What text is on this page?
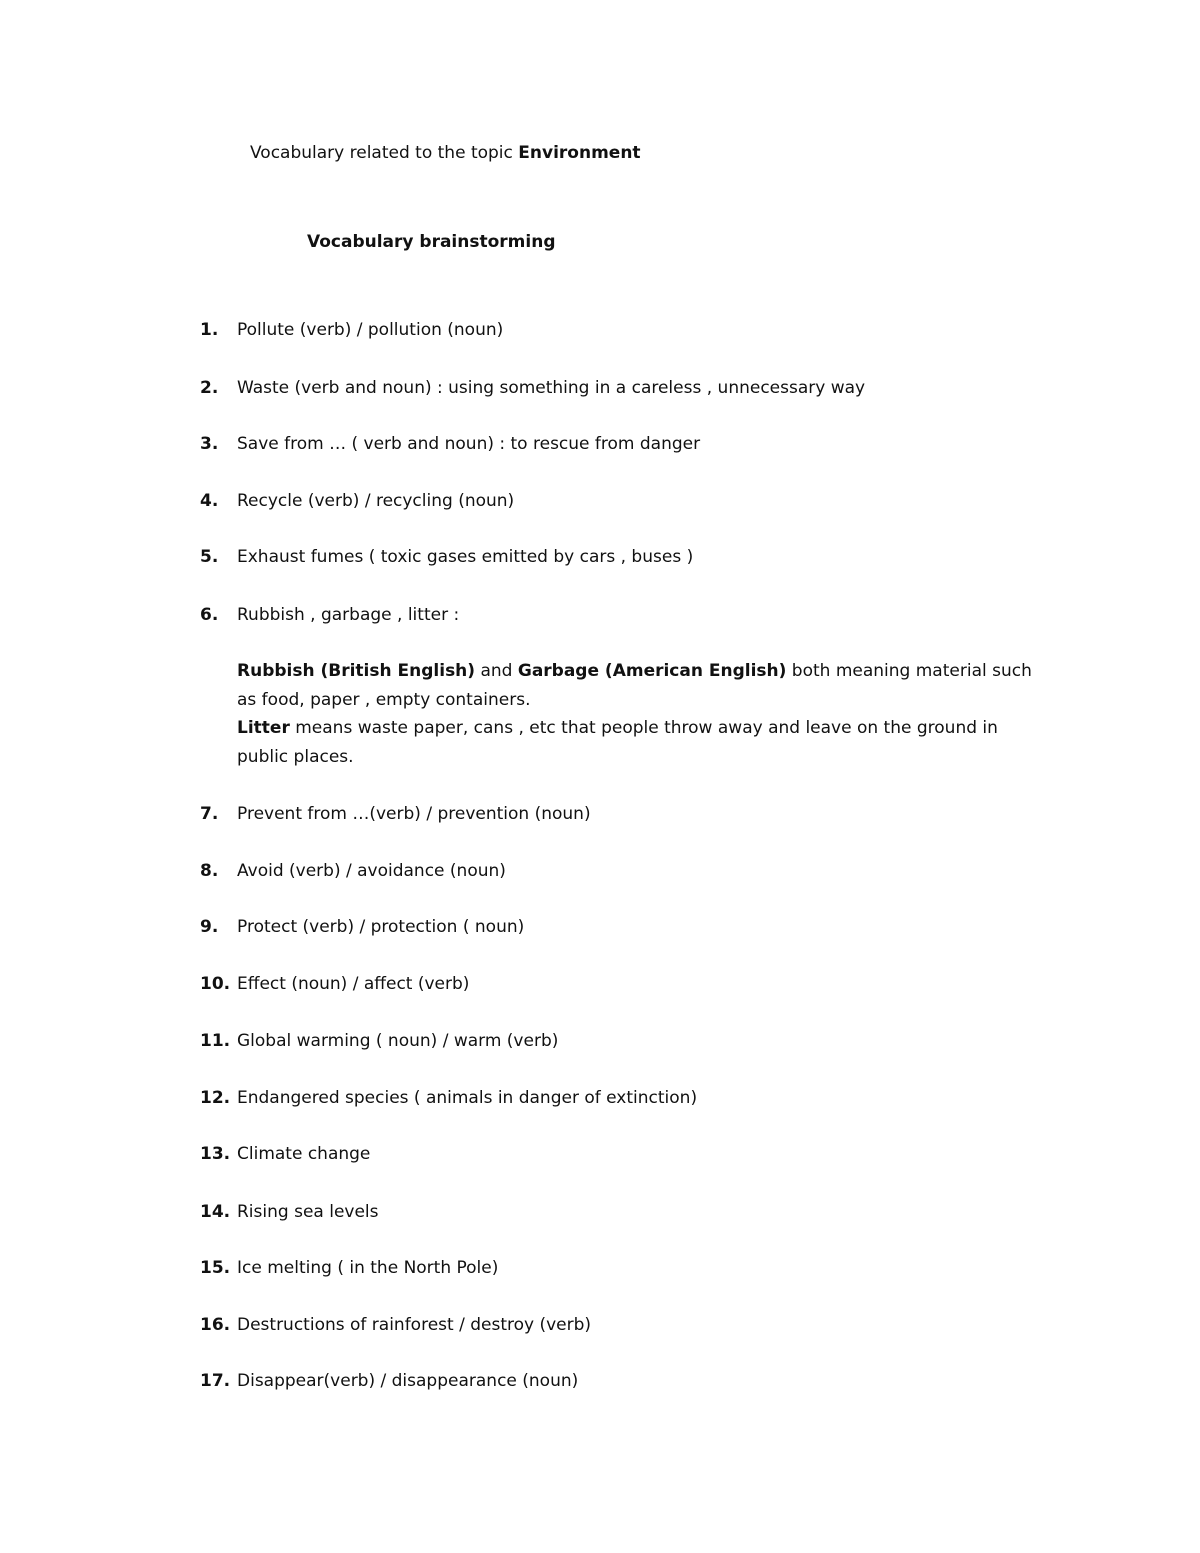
Vocabulary related to the topic Environment
Vocabulary brainstorming
1. Pollute (verb) / pollution (noun)
2. Waste (verb and noun) : using something in a careless , unnecessary way
3. Save from … ( verb and noun) : to rescue from danger
4. Recycle (verb) / recycling (noun)
5. Exhaust fumes ( toxic gases emitted by cars , buses )
6. Rubbish , garbage , litter :

Rubbish (British English) and Garbage (American English) both meaning material such as food, paper , empty containers.

Litter means waste paper, cans , etc that people throw away and leave on the ground in public places.

7. Prevent from …(verb) / prevention (noun)
8. Avoid (verb) / avoidance (noun)
9. Protect (verb) / protection ( noun)
10. Effect (noun) / affect (verb)
11. Global warming ( noun) / warm (verb)
12. Endangered species ( animals in danger of extinction)
13. Climate change
14. Rising sea levels
15. Ice melting ( in the North Pole)
16. Destructions of rainforest / destroy (verb)
17. Disappear(verb) / disappearance (noun)
